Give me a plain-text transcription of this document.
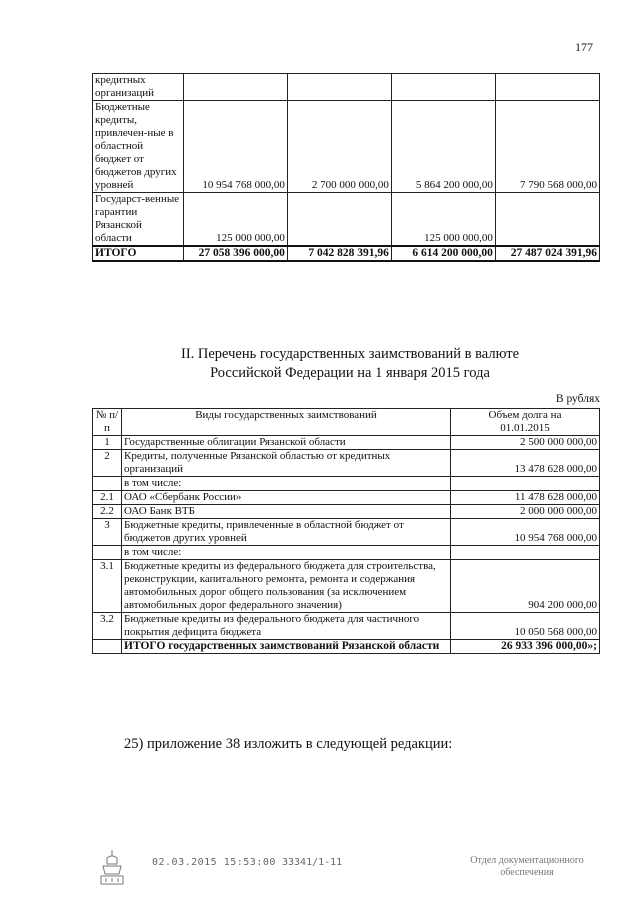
177
кредитных организаций				
Бюджетные кредиты, привлечен-ные в областной бюджет от бюджетов других уровней	10 954 768 000,00	2 700 000 000,00	5 864 200 000,00	7 790 568 000,00
Государст-венные гарантии Рязанской области	125 000 000,00		125 000 000,00	
ИТОГО	27 058 396 000,00	7 042 828 391,96	6 614 200 000,00	27 487 024 391,96
II. Перечень государственных заимствований в валюте
Российской Федерации на 1 января 2015 года
В рублях
№ п/п	Виды государственных заимствований	Объем долга на 01.01.2015
1	Государственные облигации Рязанской области	2 500 000 000,00
2	Кредиты, полученные Рязанской областью от кредитных организаций	13 478 628 000,00
	в том числе:	
2.1	ОАО «Сбербанк России»	11 478 628 000,00
2.2	ОАО Банк ВТБ	2 000 000 000,00
3	Бюджетные кредиты, привлеченные в областной бюджет от бюджетов других уровней	10 954 768 000,00
	в том числе:	
3.1	Бюджетные кредиты из федерального бюджета для строительства, реконструкции, капитального ремонта, ремонта и содержания автомобильных дорог общего пользования (за исключением автомобильных дорог федерального значения)	904 200 000,00
3.2	Бюджетные кредиты из федерального бюджета для частичного покрытия дефицита бюджета	10 050 568 000,00
	ИТОГО государственных заимствований Рязанской области	26 933 396 000,00»;
25) приложение 38 изложить в следующей редакции:
02.03.2015 15:53:00 33341/1-11	Отдел документационного
обеспечения
